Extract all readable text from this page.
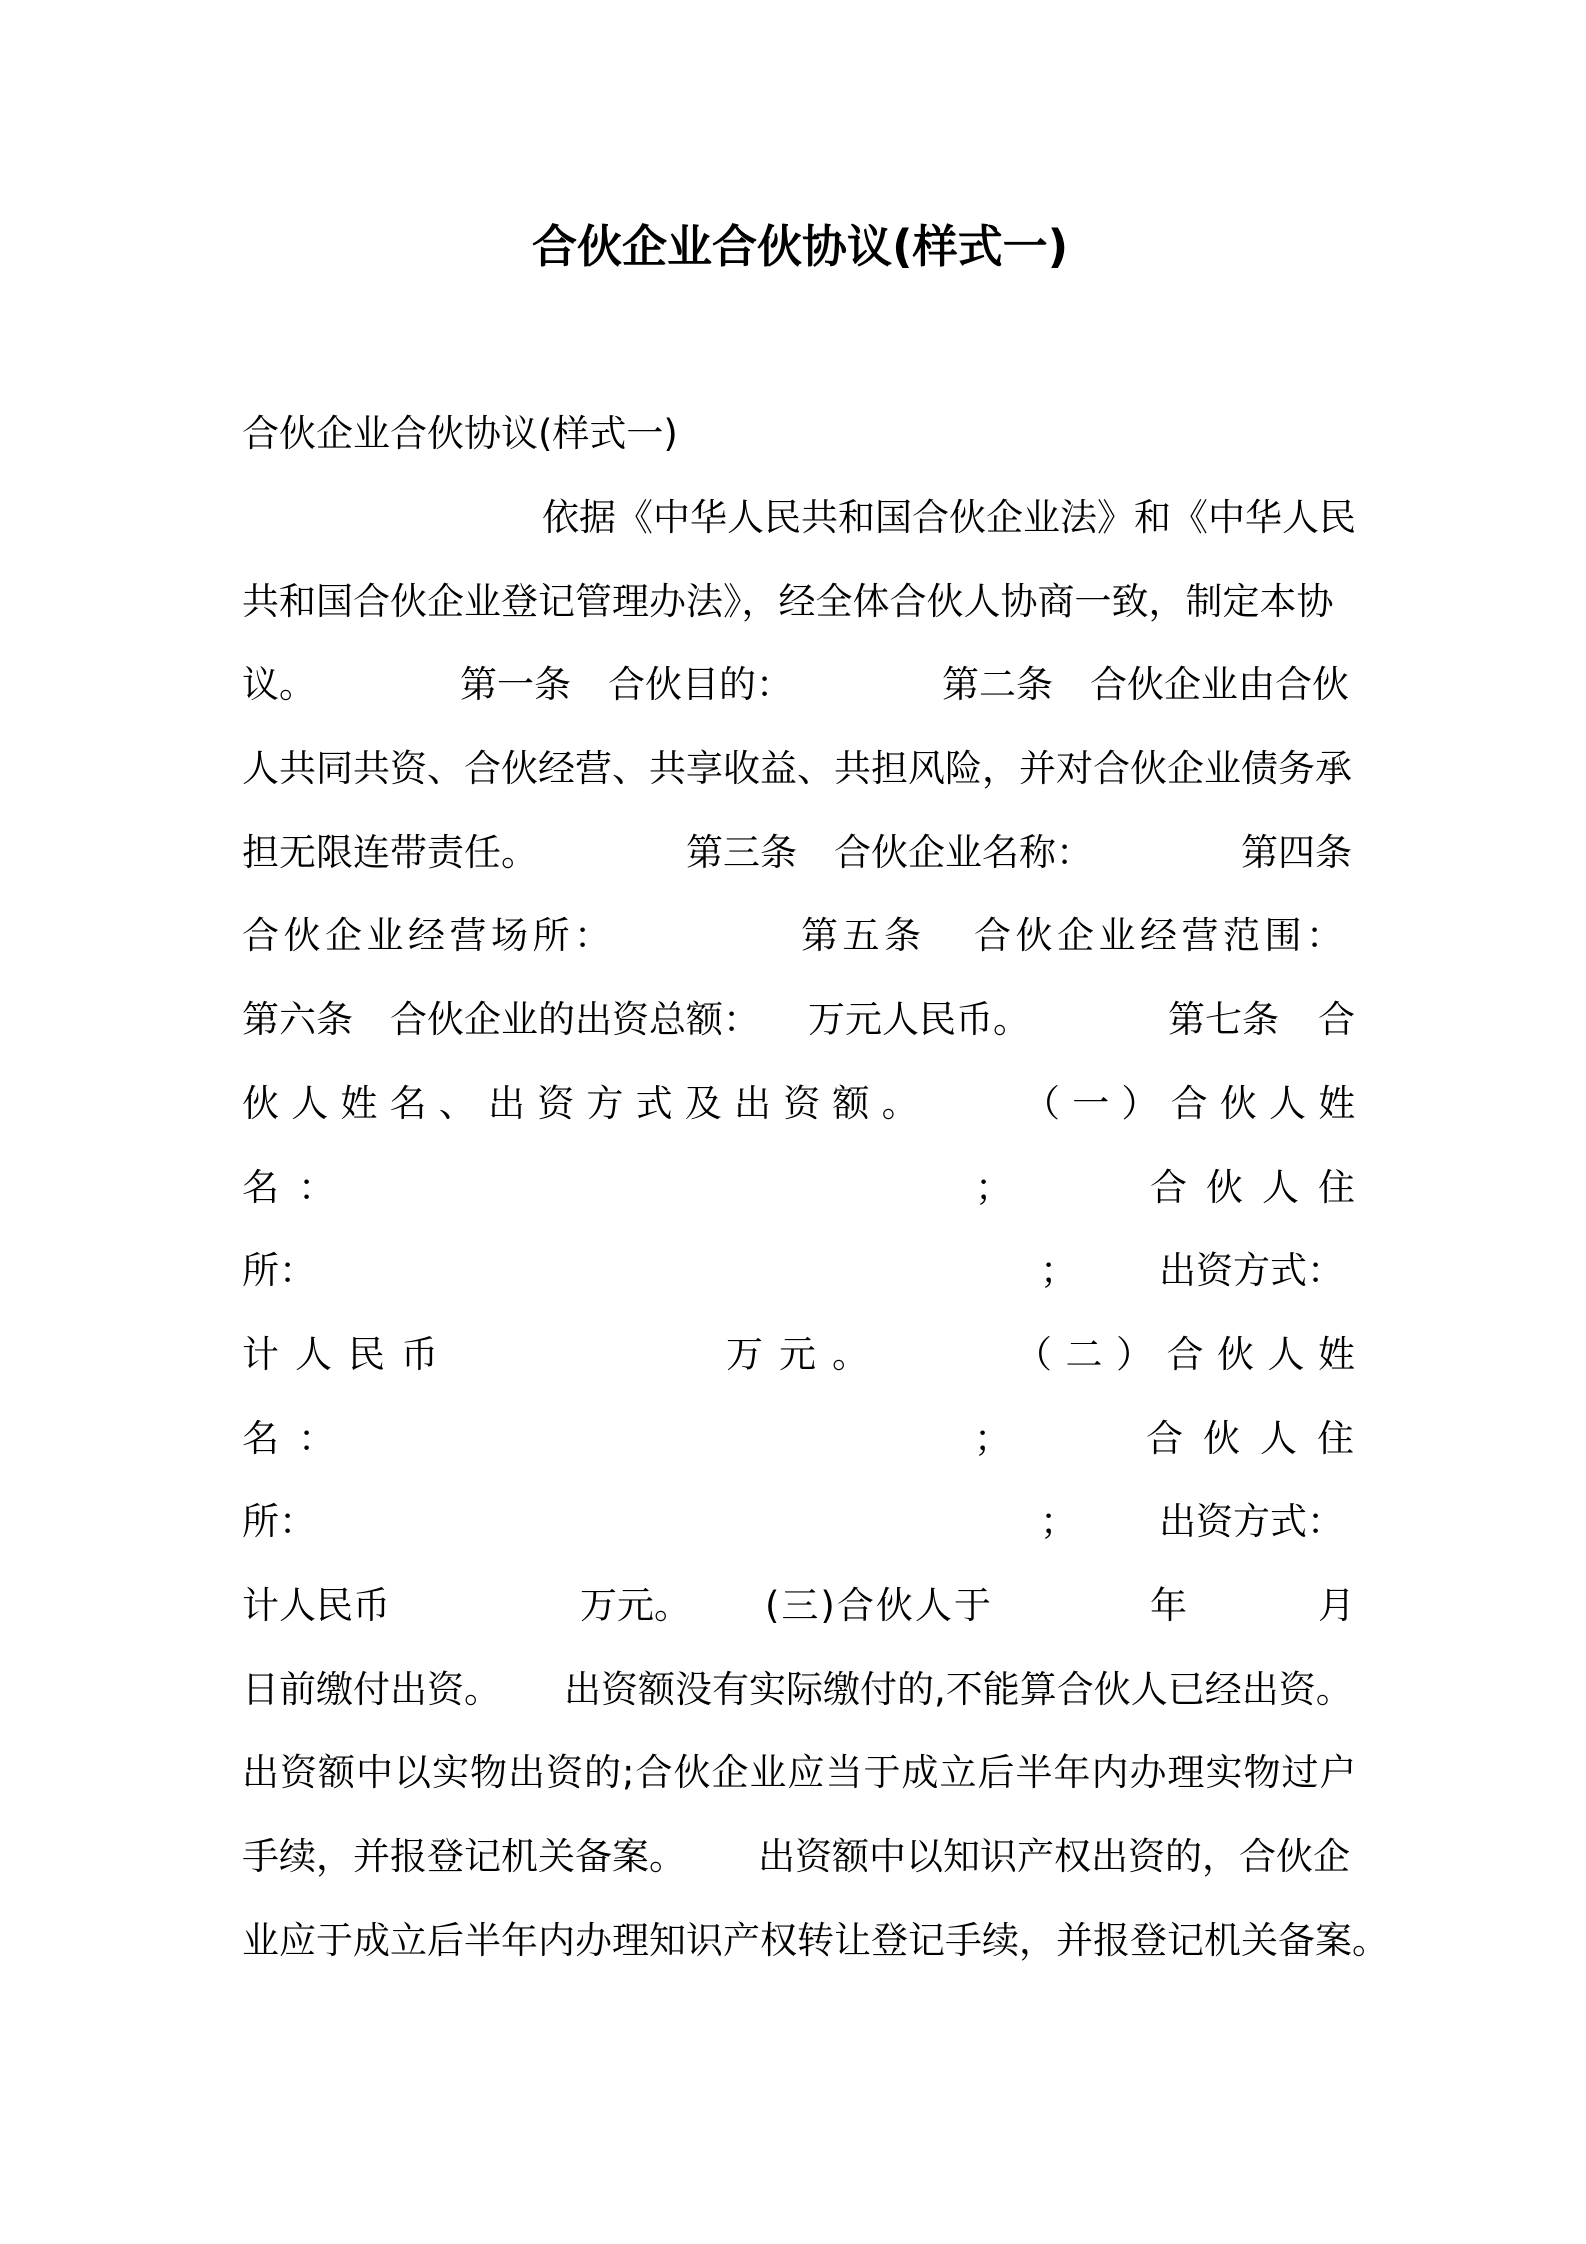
合伙企业合伙协议(样式一)
合伙企业合伙协议(样式一)
依据《中华人民共和国合伙企业法》和《中华人民
共和国合伙企业登记管理办法》，经全体合伙人协商一致，制定本协
议。	第一条　合伙目的：	第二条　合伙企业由合伙
人共同共资、合伙经营、共享收益、共担风险，并对合伙企业债务承
担无限连带责任。	第三条　合伙企业名称：	第四条
合伙企业经营场所：	第五条 合伙企业经营范围：
第六条　合伙企业的出资总额： 万元人民币。	第七条 合
伙人姓名、出资方式及出资额。 （一）合伙人姓
名：	；	合伙人住
所：	； 出资方式：
计人民币	万元。	（二）合伙人姓
名：	；	合伙人住
所：	； 出资方式：
计人民币	万元。 (三)合伙人于	年	月
日前缴付出资。 出资额没有实际缴付的,不能算合伙人已经出资。
出资额中以实物出资的;合伙企业应当于成立后半年内办理实物过户
手续，并报登记机关备案。 出资额中以知识产权出资的，合伙企
业应于成立后半年内办理知识产权转让登记手续，并报登记机关备案。
